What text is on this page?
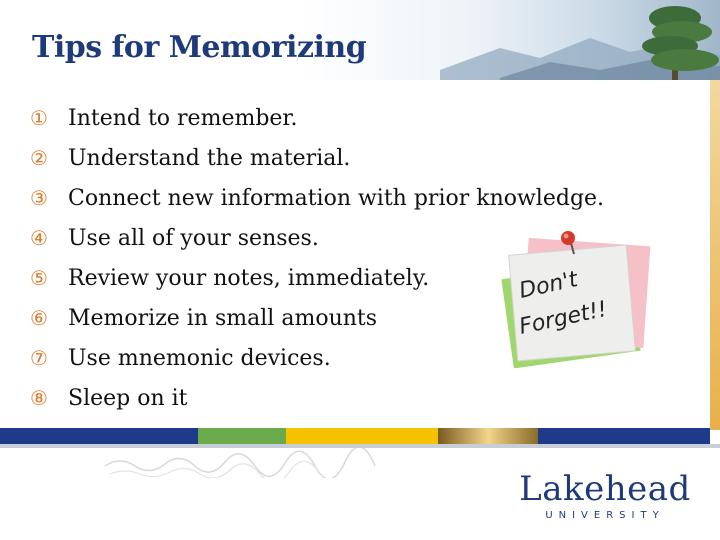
Tips for Memorizing
① Intend to remember.
② Understand the material.
③ Connect new information with prior knowledge.
④ Use all of your senses.
⑤ Review your notes, immediately.
⑥ Memorize in small amounts
⑦ Use mnemonic devices.
⑧ Sleep on it
Don't
Forget!!
Lakehead
UNIVERSITY
